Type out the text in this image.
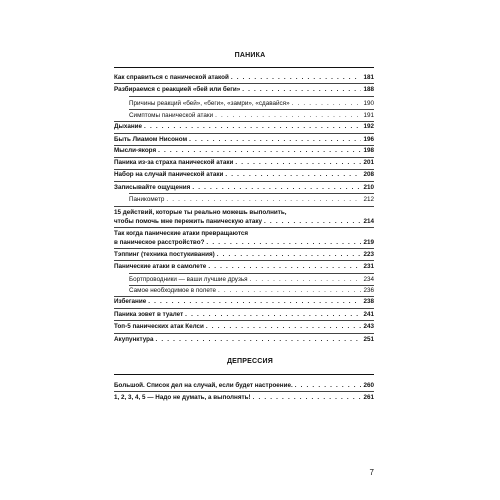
ПАНИКА
Как справиться с панической атакой . . .	181
Разбираемся с реакцией «бей или беги» . . .	188
Причины реакций «бей», «беги», «замри», «сдавайся» . . .	190
Симптомы панической атаки . . .	191
Дыхание . . .	192
Быть Лиамом Нисоном . . .	196
Мысли-якоря . . .	198
Паника из-за страха панической атаки . . .	201
Набор на случай панической атаки . . .	208
Записывайте ощущения . . .	210
Паникометр . . .	212
15 действий, которые ты реально можешь выполнить,
чтобы помочь мне пережить паническую атаку . . .	214
Так когда панические атаки превращаются
в паническое расстройство? . . .	219
Тэппинг (техника постукивания) . . .	223
Панические атаки в самолете . . .	231
Бортпроводники — ваши лучшие друзья . . .	234
Самое необходимое в полете . . .	236
Избегание . . .	238
Паника зовет в туалет . . .	241
Топ-5 панических атак Келси . . .	243
Акупунктура . . .	251
ДЕПРЕССИЯ
Большой. Список дел на случай, если будет настроение. . . .	260
1, 2, 3, 4, 5 — Надо не думать, а выполнять! . . .	261
7
